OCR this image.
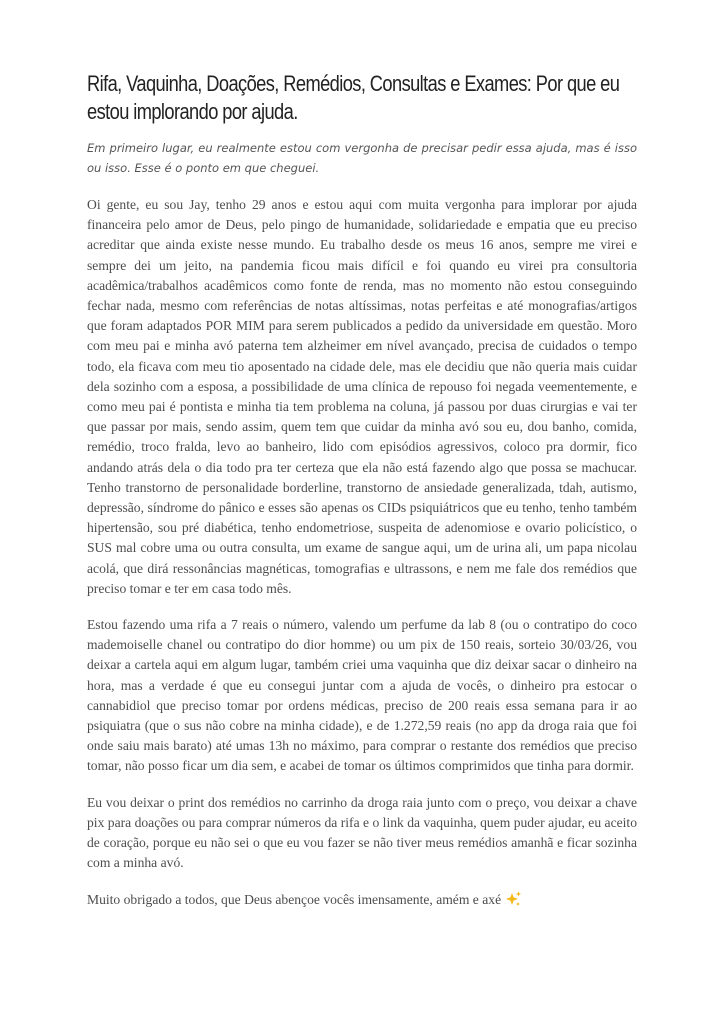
Rifa, Vaquinha, Doações, Remédios, Consultas e Exames: Por que eu estou implorando por ajuda.

Em primeiro lugar, eu realmente estou com vergonha de precisar pedir essa ajuda, mas é isso ou isso. Esse é o ponto em que cheguei.

Oi gente, eu sou Jay, tenho 29 anos e estou aqui com muita vergonha para implorar por ajuda financeira pelo amor de Deus, pelo pingo de humanidade, solidariedade e empatia que eu preciso acreditar que ainda existe nesse mundo. Eu trabalho desde os meus 16 anos, sempre me virei e sempre dei um jeito, na pandemia ficou mais difícil e foi quando eu virei pra consultoria acadêmica/trabalhos acadêmicos como fonte de renda, mas no momento não estou conseguindo fechar nada, mesmo com referências de notas altíssimas, notas perfeitas e até monografias/artigos que foram adaptados POR MIM para serem publicados a pedido da universidade em questão. Moro com meu pai e minha avó paterna tem alzheimer em nível avançado, precisa de cuidados o tempo todo, ela ficava com meu tio aposentado na cidade dele, mas ele decidiu que não queria mais cuidar dela sozinho com a esposa, a possibilidade de uma clínica de repouso foi negada veementemente, e como meu pai é pontista e minha tia tem problema na coluna, já passou por duas cirurgias e vai ter que passar por mais, sendo assim, quem tem que cuidar da minha avó sou eu, dou banho, comida, remédio, troco fralda, levo ao banheiro, lido com episódios agressivos, coloco pra dormir, fico andando atrás dela o dia todo pra ter certeza que ela não está fazendo algo que possa se machucar. Tenho transtorno de personalidade borderline, transtorno de ansiedade generalizada, tdah, autismo, depressão, síndrome do pânico e esses são apenas os CIDs psiquiátricos que eu tenho, tenho também hipertensão, sou pré diabética, tenho endometriose, suspeita de adenomiose e ovario policístico, o SUS mal cobre uma ou outra consulta, um exame de sangue aqui, um de urina ali, um papa nicolau acolá, que dirá ressonâncias magnéticas, tomografias e ultrassons, e nem me fale dos remédios que preciso tomar e ter em casa todo mês.

Estou fazendo uma rifa a 7 reais o número, valendo um perfume da lab 8 (ou o contratipo do coco mademoiselle chanel ou contratipo do dior homme) ou um pix de 150 reais, sorteio 30/03/26, vou deixar a cartela aqui em algum lugar, também criei uma vaquinha que diz deixar sacar o dinheiro na hora, mas a verdade é que eu consegui juntar com a ajuda de vocês, o dinheiro pra estocar o cannabidiol que preciso tomar por ordens médicas, preciso de 200 reais essa semana para ir ao psiquiatra (que o sus não cobre na minha cidade), e de 1.272,59 reais (no app da droga raia que foi onde saiu mais barato) até umas 13h no máximo, para comprar o restante dos remédios que preciso tomar, não posso ficar um dia sem, e acabei de tomar os últimos comprimidos que tinha para dormir.

Eu vou deixar o print dos remédios no carrinho da droga raia junto com o preço, vou deixar a chave pix para doações ou para comprar números da rifa e o link da vaquinha, quem puder ajudar, eu aceito de coração, porque eu não sei o que eu vou fazer se não tiver meus remédios amanhã e ficar sozinha com a minha avó.

Muito obrigado a todos, que Deus abençoe vocês imensamente, amém e axé
